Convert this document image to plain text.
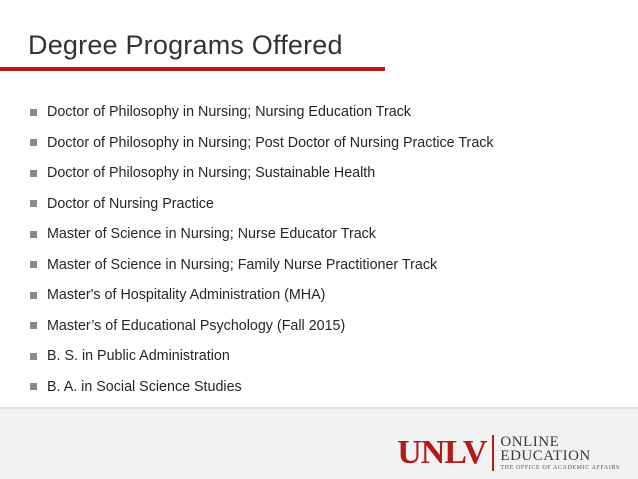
Degree Programs Offered
Doctor of Philosophy in Nursing; Nursing Education Track
Doctor of Philosophy in Nursing; Post Doctor of Nursing Practice Track
Doctor of Philosophy in Nursing; Sustainable Health
Doctor of Nursing Practice
Master of Science in Nursing; Nurse Educator Track
Master of Science in Nursing; Family Nurse Practitioner Track
Master's of Hospitality Administration (MHA)
Master’s of Educational Psychology (Fall 2015)
B. S. in Public Administration
B. A. in Social Science Studies
UNLV ONLINE
EDUCATION
THE OFFICE OF ACADEMIC AFFAIRS
